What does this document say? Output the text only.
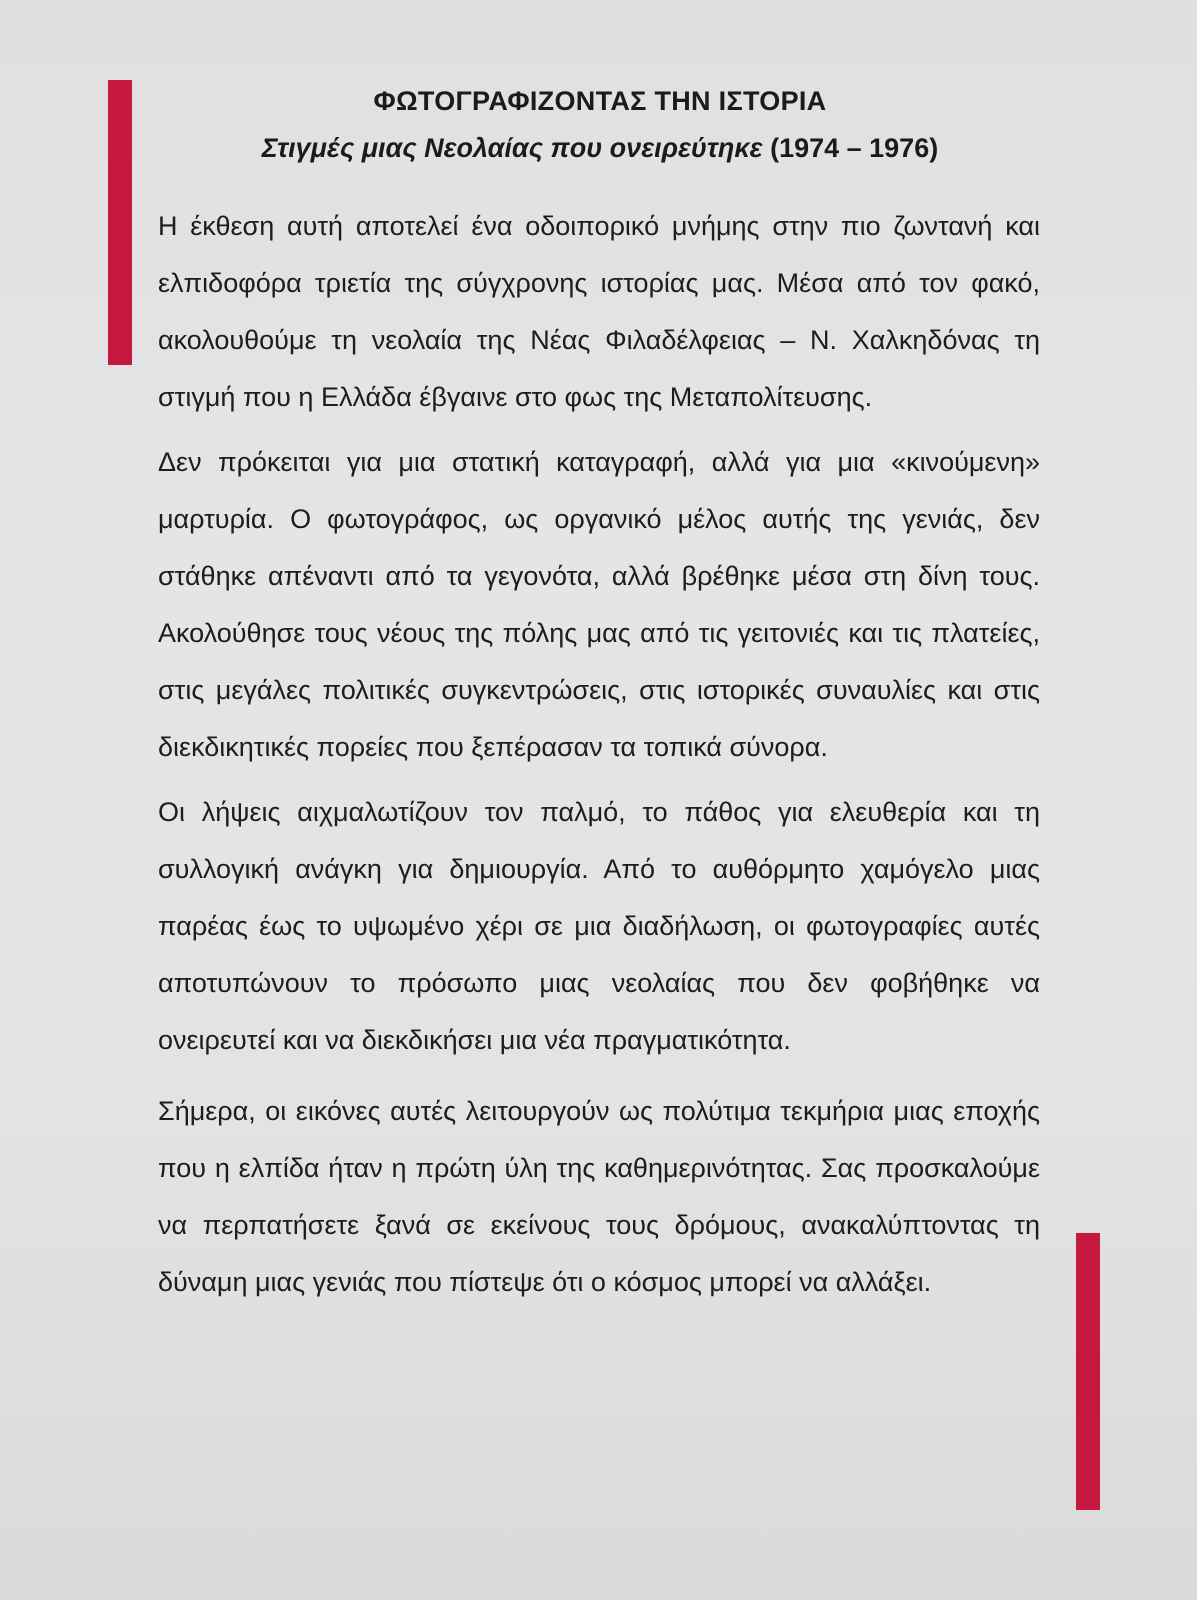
ΦΩΤΟΓΡΑΦΙΖΟΝΤΑΣ ΤΗΝ ΙΣΤΟΡΙΑ
Στιγμές μιας Νεολαίας που ονειρεύτηκε (1974 – 1976)

Η έκθεση αυτή αποτελεί ένα οδοιπορικό μνήμης στην πιο ζωντανή και ελπιδοφόρα τριετία της σύγχρονης ιστορίας μας. Μέσα από τον φακό, ακολουθούμε τη νεολαία της Νέας Φιλαδέλφειας – Ν. Χαλκηδόνας τη στιγμή που η Ελλάδα έβγαινε στο φως της Μεταπολίτευσης.

Δεν πρόκειται για μια στατική καταγραφή, αλλά για μια «κινούμενη» μαρτυρία. Ο φωτογράφος, ως οργανικό μέλος αυτής της γενιάς, δεν στάθηκε απέναντι από τα γεγονότα, αλλά βρέθηκε μέσα στη δίνη τους. Ακολούθησε τους νέους της πόλης μας από τις γειτονιές και τις πλατείες, στις μεγάλες πολιτικές συγκεντρώσεις, στις ιστορικές συναυλίες και στις διεκδικητικές πορείες που ξεπέρασαν τα τοπικά σύνορα.

Οι λήψεις αιχμαλωτίζουν τον παλμό, το πάθος για ελευθερία και τη συλλογική ανάγκη για δημιουργία. Από το αυθόρμητο χαμόγελο μιας παρέας έως το υψωμένο χέρι σε μια διαδήλωση, οι φωτογραφίες αυτές αποτυπώνουν το πρόσωπο μιας νεολαίας που δεν φοβήθηκε να ονειρευτεί και να διεκδικήσει μια νέα πραγματικότητα.

Σήμερα, οι εικόνες αυτές λειτουργούν ως πολύτιμα τεκμήρια μιας εποχής που η ελπίδα ήταν η πρώτη ύλη της καθημερινότητας. Σας προσκαλούμε να περπατήσετε ξανά σε εκείνους τους δρόμους, ανακαλύπτοντας τη δύναμη μιας γενιάς που πίστεψε ότι ο κόσμος μπορεί να αλλάξει.
